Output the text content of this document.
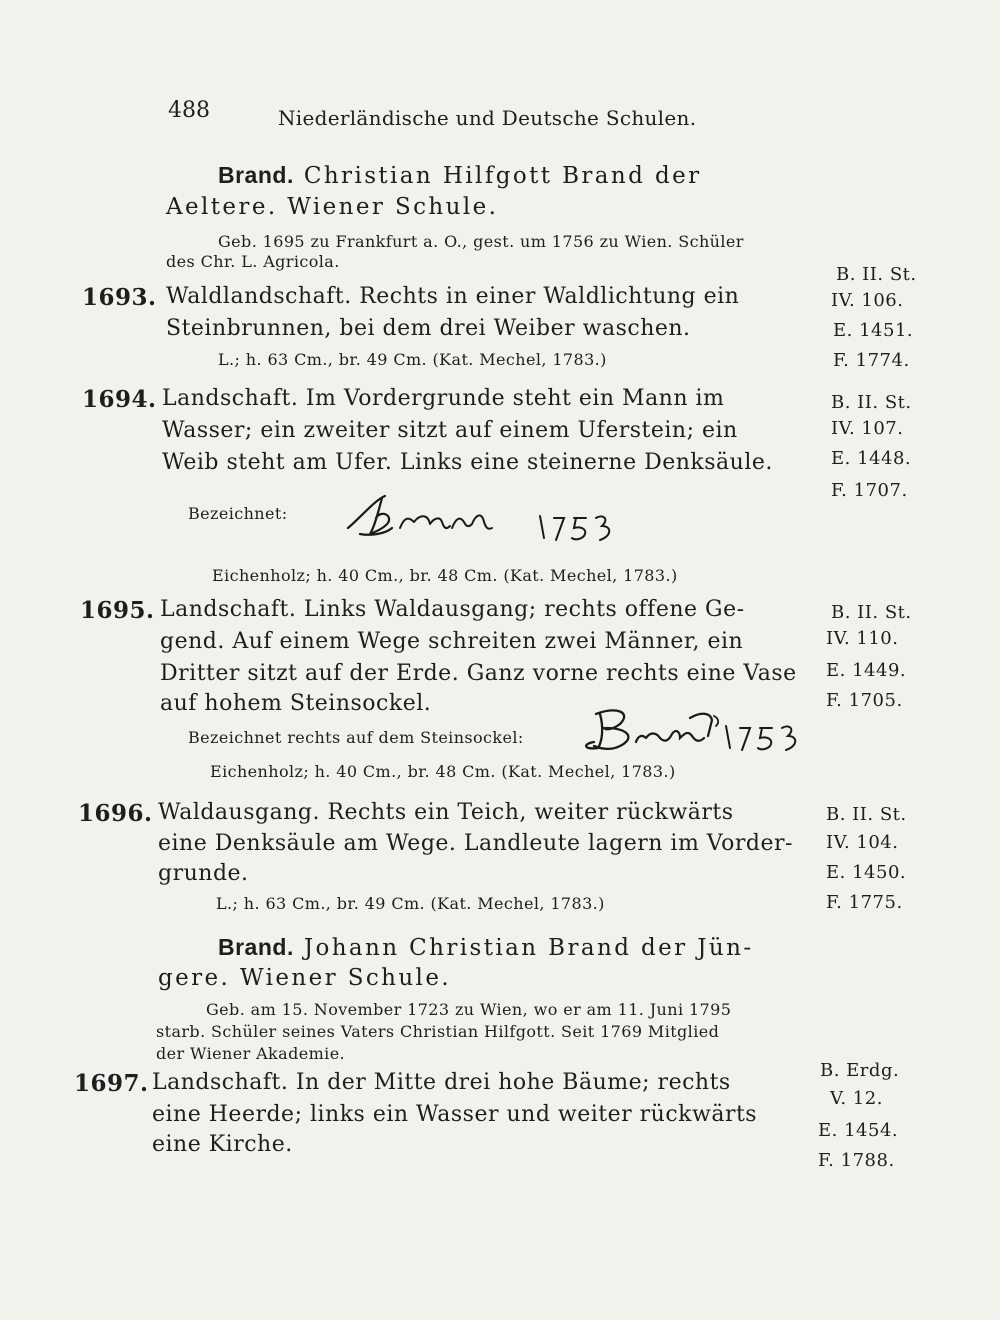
488	Niederländische und Deutsche Schulen.
Brand. Christian Hilfgott Brand der
Aeltere. Wiener Schule.
Geb. 1695 zu Frankfurt a. O., gest. um 1756 zu Wien. Schüler
des Chr. L. Agricola.
1693. Waldlandschaft. Rechts in einer Waldlichtung ein
Steinbrunnen, bei dem drei Weiber waschen.
L.; h. 63 Cm., br. 49 Cm. (Kat. Mechel, 1783.)
B. II. St.
IV. 106.
E. 1451.
F. 1774.
1694. Landschaft. Im Vordergrunde steht ein Mann im
Wasser; ein zweiter sitzt auf einem Uferstein; ein
Weib steht am Ufer. Links eine steinerne Denksäule.
Bezeichnet:
Eichenholz; h. 40 Cm., br. 48 Cm. (Kat. Mechel, 1783.)
B. II. St.
IV. 107.
E. 1448.
F. 1707.
1695. Landschaft. Links Waldausgang; rechts offene Ge-
gend. Auf einem Wege schreiten zwei Männer, ein
Dritter sitzt auf der Erde. Ganz vorne rechts eine Vase
auf hohem Steinsockel.
Bezeichnet rechts auf dem Steinsockel:
Eichenholz; h. 40 Cm., br. 48 Cm. (Kat. Mechel, 1783.)
B. II. St.
IV. 110.
E. 1449.
F. 1705.
1696. Waldausgang. Rechts ein Teich, weiter rückwärts
eine Denksäule am Wege. Landleute lagern im Vorder-
grunde.
L.; h. 63 Cm., br. 49 Cm. (Kat. Mechel, 1783.)
B. II. St.
IV. 104.
E. 1450.
F. 1775.
Brand. Johann Christian Brand der Jün-
gere. Wiener Schule.
Geb. am 15. November 1723 zu Wien, wo er am 11. Juni 1795
starb. Schüler seines Vaters Christian Hilfgott. Seit 1769 Mitglied
der Wiener Akademie.
1697. Landschaft. In der Mitte drei hohe Bäume; rechts
eine Heerde; links ein Wasser und weiter rückwärts
eine Kirche.
B. Erdg.
V. 12.
E. 1454.
F. 1788.
